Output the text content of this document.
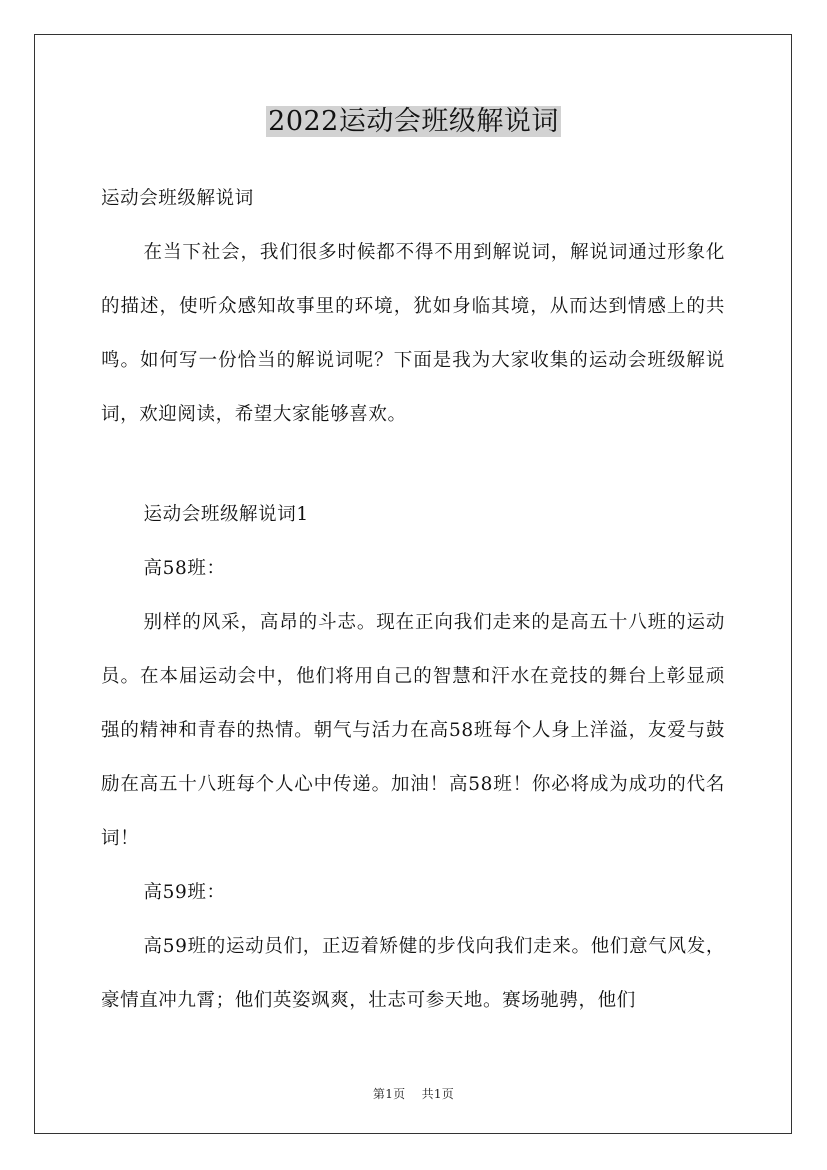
2022运动会班级解说词

运动会班级解说词

在当下社会，我们很多时候都不得不用到解说词，解说词通过形象化的描述，使听众感知故事里的环境，犹如身临其境，从而达到情感上的共鸣。如何写一份恰当的解说词呢？下面是我为大家收集的运动会班级解说词，欢迎阅读，希望大家能够喜欢。

运动会班级解说词1

高58班：

别样的风采，高昂的斗志。现在正向我们走来的是高五十八班的运动员。在本届运动会中，他们将用自己的智慧和汗水在竞技的舞台上彰显顽强的精神和青春的热情。朝气与活力在高58班每个人身上洋溢，友爱与鼓励在高五十八班每个人心中传递。加油！高58班！你必将成为成功的代名词！

高59班：

高59班的运动员们，正迈着矫健的步伐向我们走来。他们意气风发，豪情直冲九霄；他们英姿飒爽，壮志可参天地。赛场驰骋，他们

第1页 共1页
